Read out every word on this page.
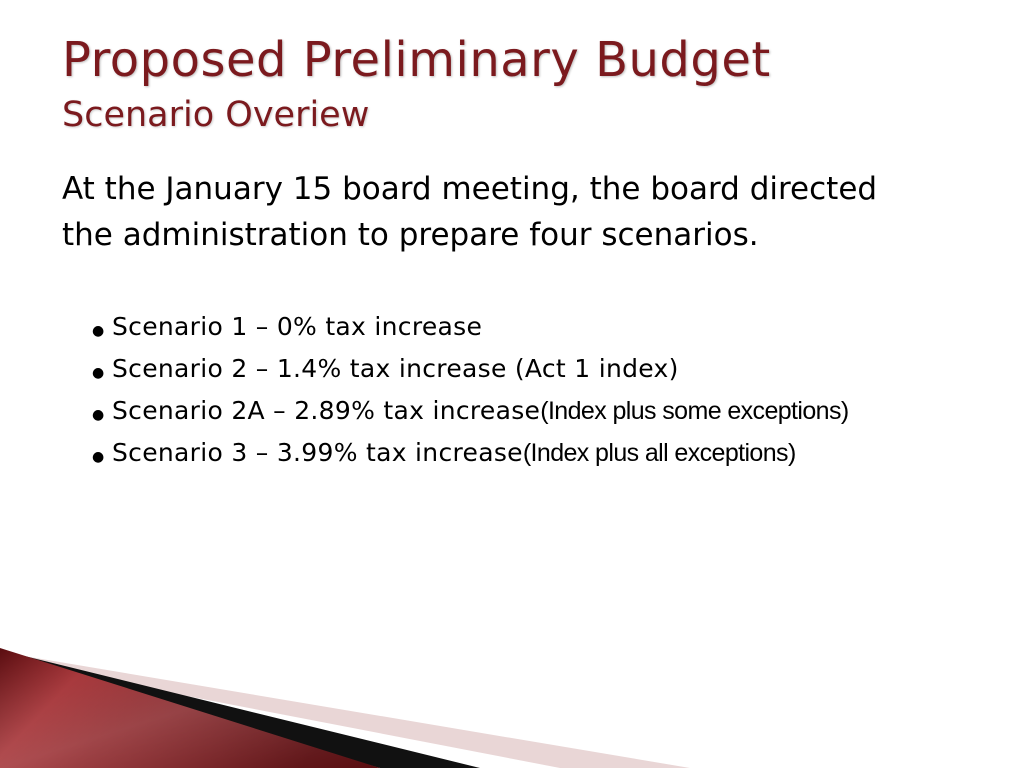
Proposed Preliminary Budget
Scenario Overiew

At the January 15 board meeting, the board directed the administration to prepare four scenarios.

● Scenario 1 – 0% tax increase
● Scenario 2 – 1.4% tax increase (Act 1 index)
● Scenario 2A – 2.89% tax increase (Index plus some exceptions)
● Scenario 3 – 3.99% tax increase (Index plus all exceptions)
